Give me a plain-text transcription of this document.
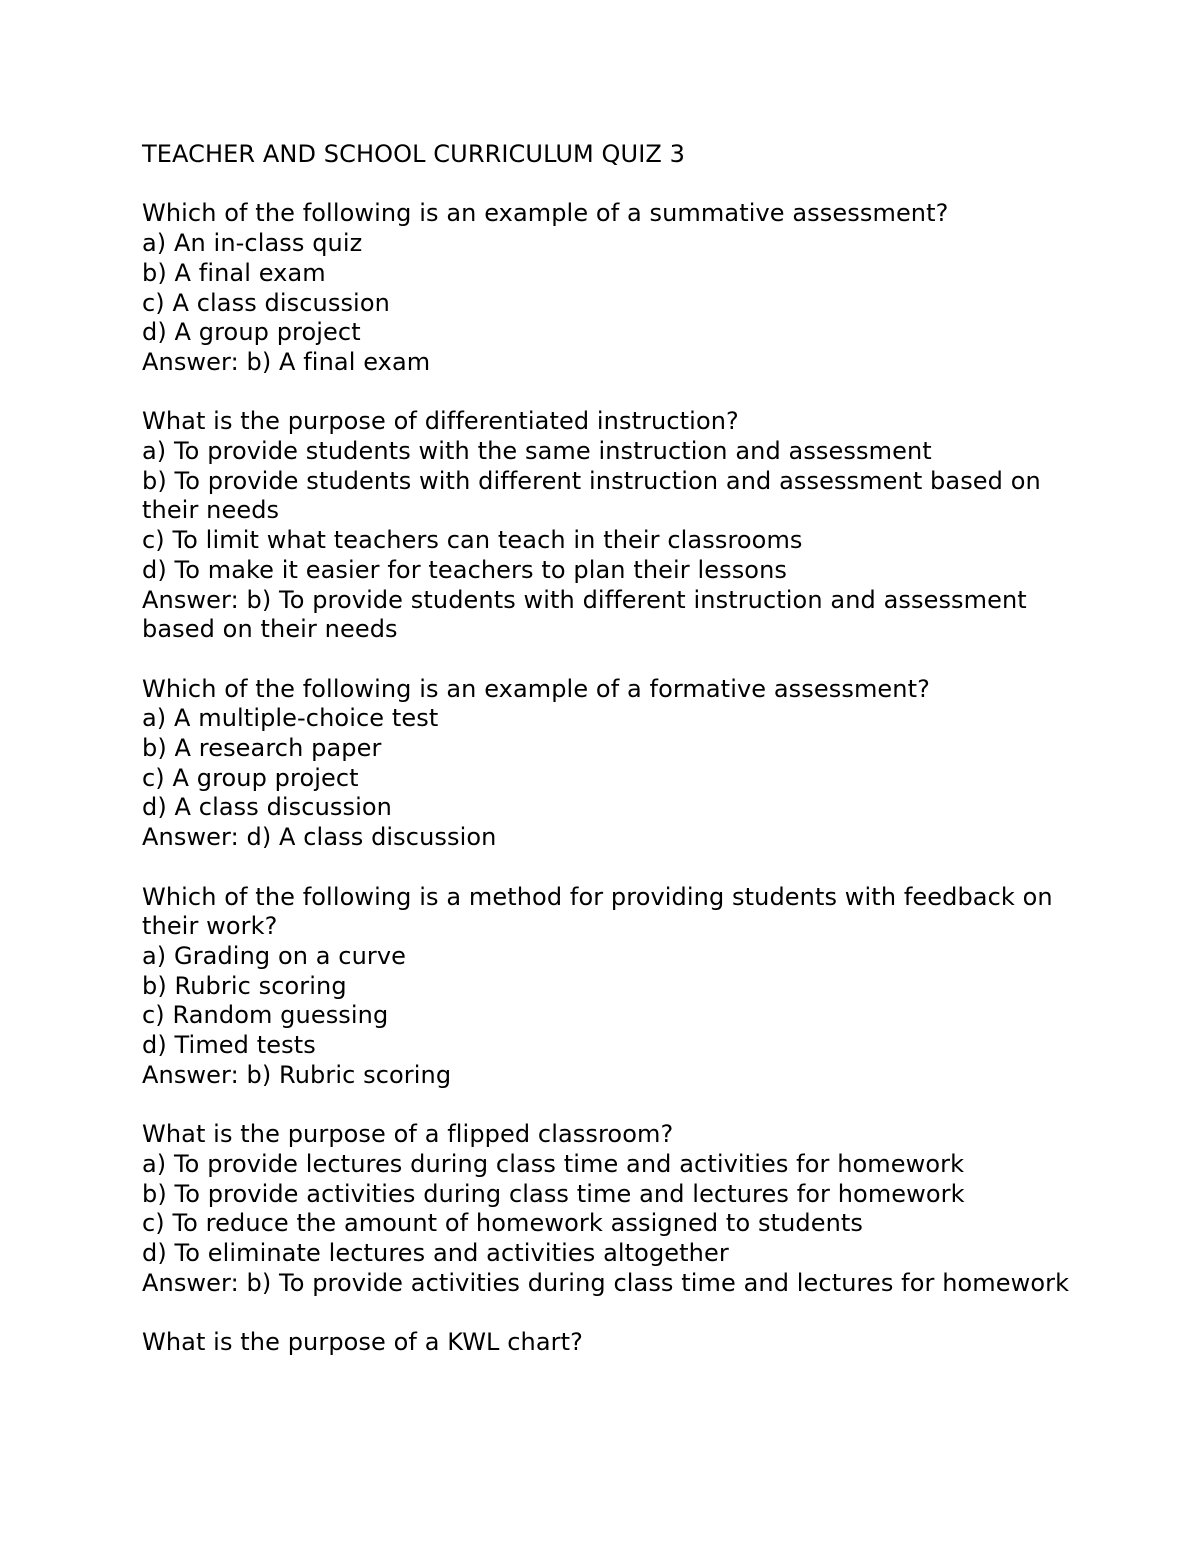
TEACHER AND SCHOOL CURRICULUM QUIZ 3
Which of the following is an example of a summative assessment?
a) An in-class quiz
b) A final exam
c) A class discussion
d) A group project
Answer: b) A final exam
What is the purpose of differentiated instruction?
a) To provide students with the same instruction and assessment
b) To provide students with different instruction and assessment based on their needs
c) To limit what teachers can teach in their classrooms
d) To make it easier for teachers to plan their lessons
Answer: b) To provide students with different instruction and assessment based on their needs
Which of the following is an example of a formative assessment?
a) A multiple-choice test
b) A research paper
c) A group project
d) A class discussion
Answer: d) A class discussion
Which of the following is a method for providing students with feedback on their work?
a) Grading on a curve
b) Rubric scoring
c) Random guessing
d) Timed tests
Answer: b) Rubric scoring
What is the purpose of a flipped classroom?
a) To provide lectures during class time and activities for homework
b) To provide activities during class time and lectures for homework
c) To reduce the amount of homework assigned to students
d) To eliminate lectures and activities altogether
Answer: b) To provide activities during class time and lectures for homework
What is the purpose of a KWL chart?
